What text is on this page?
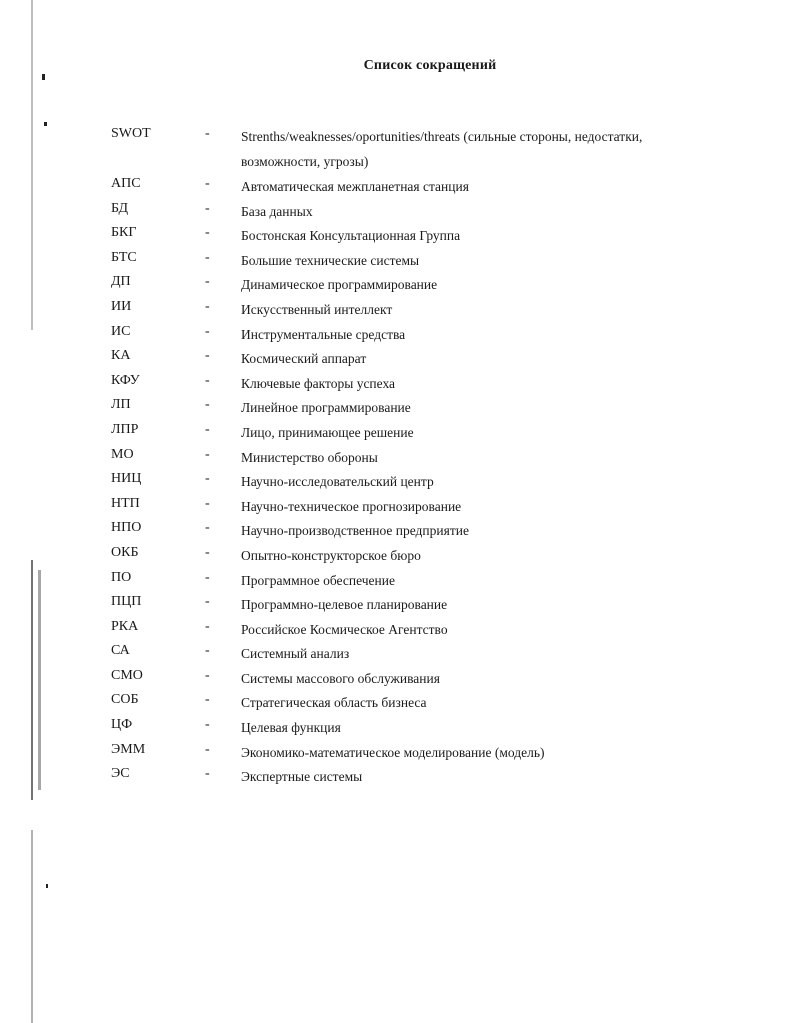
Список сокращений
SWOT	-	Strenths/weaknesses/oportunities/threats (сильные стороны, недостатки, возможности, угрозы)
АПС	-	Автоматическая межпланетная станция
БД	-	База данных
БКГ	-	Бостонская Консультационная Группа
БТС	-	Большие технические системы
ДП	-	Динамическое программирование
ИИ	-	Искусственный интеллект
ИС	-	Инструментальные средства
КА	-	Космический аппарат
КФУ	-	Ключевые факторы успеха
ЛП	-	Линейное программирование
ЛПР	-	Лицо, принимающее решение
МО	-	Министерство обороны
НИЦ	-	Научно-исследовательский центр
НТП	-	Научно-техническое прогнозирование
НПО	-	Научно-производственное предприятие
ОКБ	-	Опытно-конструкторское бюро
ПО	-	Программное обеспечение
ПЦП	-	Программно-целевое планирование
РКА	-	Российское Космическое Агентство
СА	-	Системный анализ
СМО	-	Системы массового обслуживания
СОБ	-	Стратегическая область бизнеса
ЦФ	-	Целевая функция
ЭММ	-	Экономико-математическое моделирование (модель)
ЭС	-	Экспертные системы
